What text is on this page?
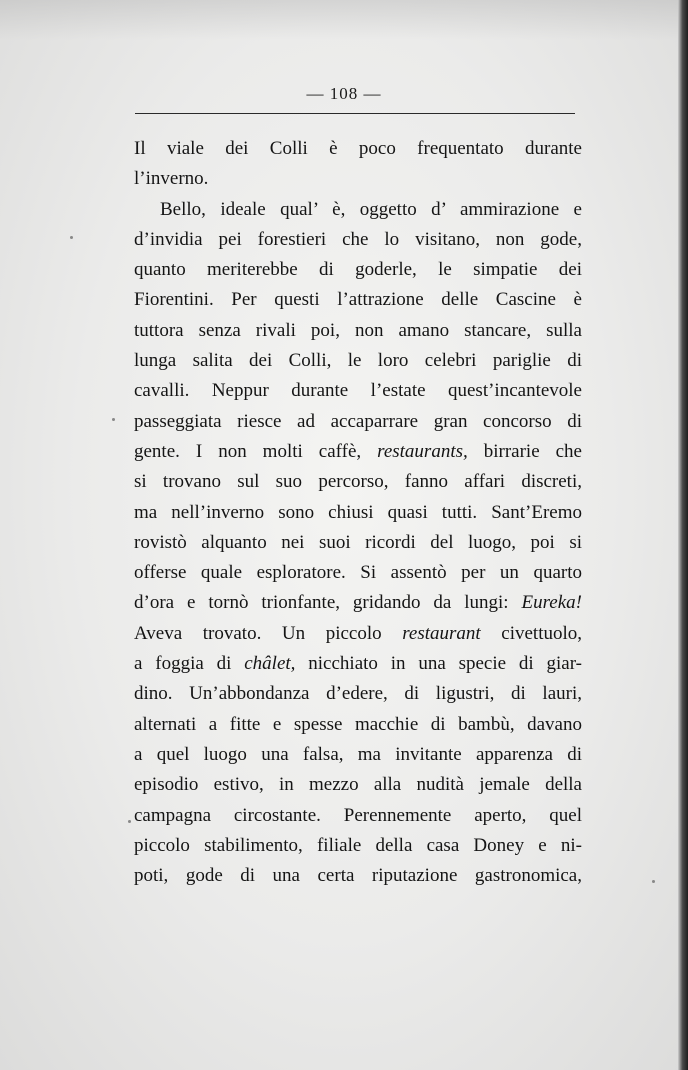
— 108 —
Il viale dei Colli è poco frequentato durante
l’inverno.
Bello, ideale qual’ è, oggetto d’ ammirazione e
d’invidia pei forestieri che lo visitano, non gode,
quanto meriterebbe di goderle, le simpatie dei
Fiorentini. Per questi l’attrazione delle Cascine è
tuttora senza rivali poi, non amano stancare, sulla
lunga salita dei Colli, le loro celebri pariglie di
cavalli. Neppur durante l’estate quest’incantevole
passeggiata riesce ad accaparrare gran concorso di
gente. I non molti caffè, restaurants, birrarie che
si trovano sul suo percorso, fanno affari discreti,
ma nell’inverno sono chiusi quasi tutti. Sant’Eremo
rovistò alquanto nei suoi ricordi del luogo, poi si
offerse quale esploratore. Si assentò per un quarto
d’ora e tornò trionfante, gridando da lungi: Eureka!
Aveva trovato. Un piccolo restaurant civettuolo,
a foggia di châlet, nicchiato in una specie di giar-
dino. Un’abbondanza d’edere, di ligustri, di lauri,
alternati a fitte e spesse macchie di bambù, davano
a quel luogo una falsa, ma invitante apparenza di
episodio estivo, in mezzo alla nudità jemale della
campagna circostante. Perennemente aperto, quel
piccolo stabilimento, filiale della casa Doney e ni-
poti, gode di una certa riputazione gastronomica,
